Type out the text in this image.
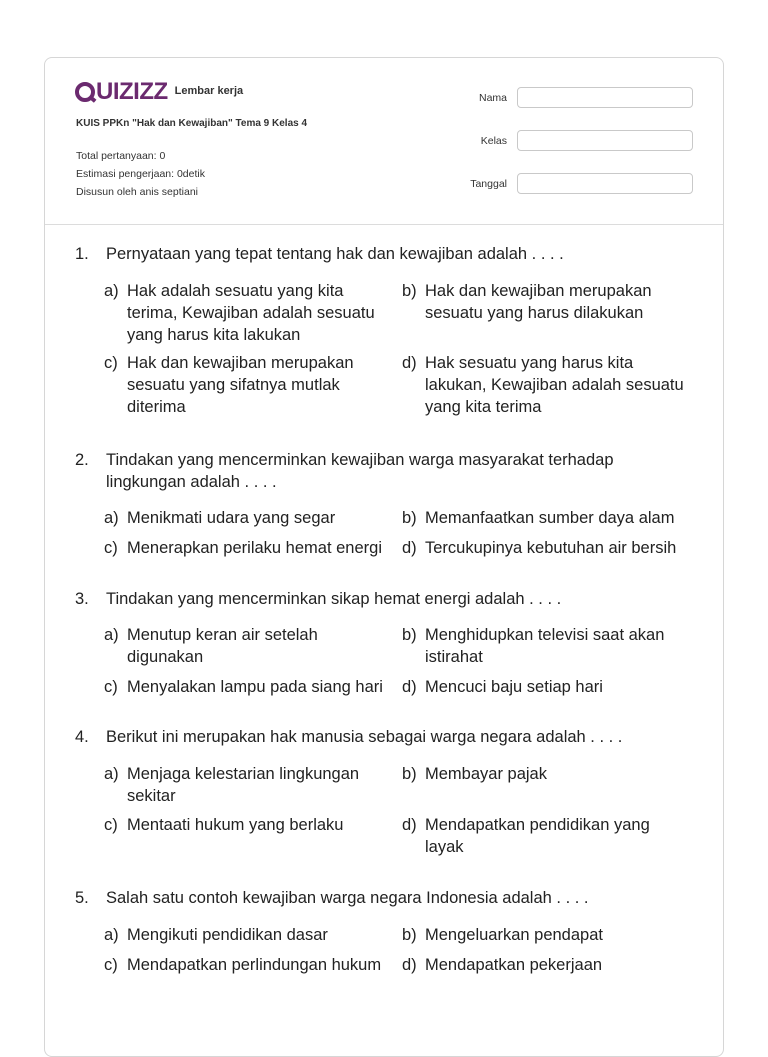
UIZIZZ Lembar kerja
KUIS PPKn "Hak dan Kewajiban" Tema 9 Kelas 4
Total pertanyaan: 0
Estimasi pengerjaan: 0detik
Disusun oleh anis septiani
Nama
Kelas
Tanggal
1.	Pernyataan yang tepat tentang hak dan kewajiban adalah . . . .
a) Hak adalah sesuatu yang kita terima, Kewajiban adalah sesuatu yang harus kita lakukan
b) Hak dan kewajiban merupakan sesuatu yang harus dilakukan
c) Hak dan kewajiban merupakan sesuatu yang sifatnya mutlak diterima
d) Hak sesuatu yang harus kita lakukan, Kewajiban adalah sesuatu yang kita terima
2.	Tindakan yang mencerminkan kewajiban warga masyarakat terhadap lingkungan adalah . . . .
a) Menikmati udara yang segar	b) Memanfaatkan sumber daya alam
c) Menerapkan perilaku hemat energi	d) Tercukupinya kebutuhan air bersih
3.	Tindakan yang mencerminkan sikap hemat energi adalah . . . .
a) Menutup keran air setelah digunakan
b) Menghidupkan televisi saat akan istirahat
c) Menyalakan lampu pada siang hari d) Mencuci baju setiap hari
4.	Berikut ini merupakan hak manusia sebagai warga negara adalah . . . .
a) Menjaga kelestarian lingkungan sekitar
b) Membayar pajak
c) Mentaati hukum yang berlaku	d) Mendapatkan pendidikan yang layak
5.	Salah satu contoh kewajiban warga negara Indonesia adalah . . . .
a) Mengikuti pendidikan dasar	b) Mengeluarkan pendapat
c) Mendapatkan perlindungan hukum	d) Mendapatkan pekerjaan
